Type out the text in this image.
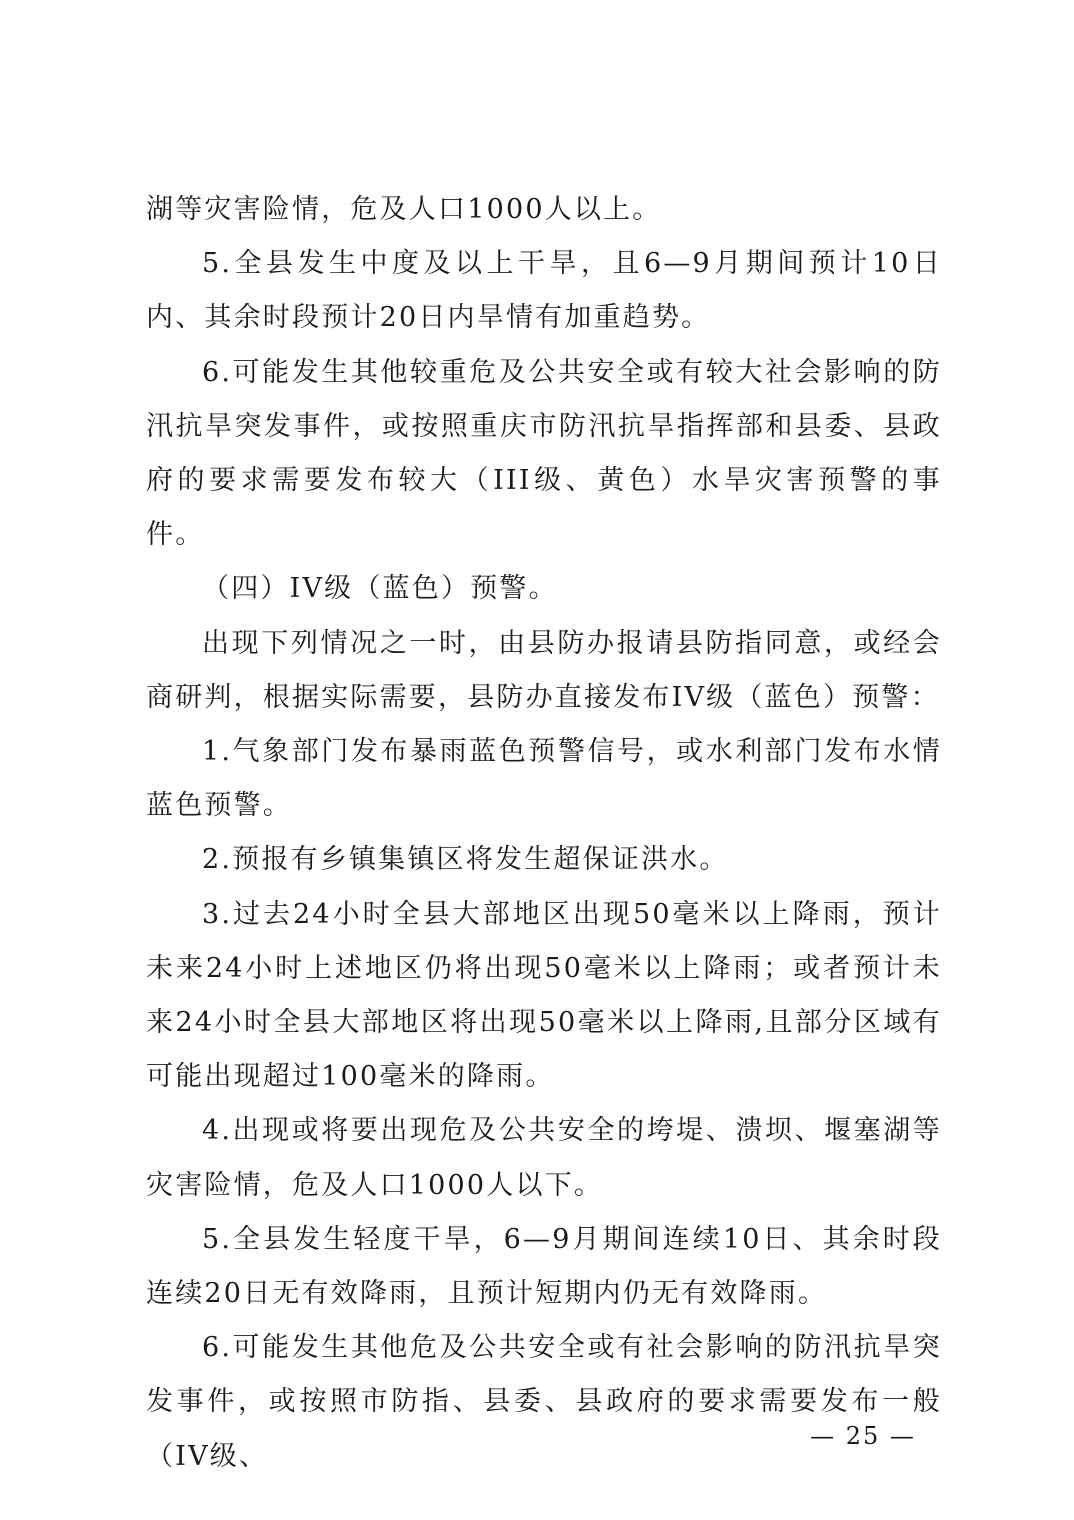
湖等灾害险情，危及人口1000人以上。

5.全县发生中度及以上干旱，且6—9月期间预计10日内、其余时段预计20日内旱情有加重趋势。

6.可能发生其他较重危及公共安全或有较大社会影响的防汛抗旱突发事件，或按照重庆市防汛抗旱指挥部和县委、县政府的要求需要发布较大（III级、黄色）水旱灾害预警的事件。

（四）IV级（蓝色）预警。

出现下列情况之一时，由县防办报请县防指同意，或经会商研判，根据实际需要，县防办直接发布IV级（蓝色）预警：

1.气象部门发布暴雨蓝色预警信号，或水利部门发布水情蓝色预警。

2.预报有乡镇集镇区将发生超保证洪水。

3.过去24小时全县大部地区出现50毫米以上降雨，预计未来24小时上述地区仍将出现50毫米以上降雨；或者预计未来24小时全县大部地区将出现50毫米以上降雨,且部分区域有可能出现超过100毫米的降雨。

4.出现或将要出现危及公共安全的垮堤、溃坝、堰塞湖等灾害险情，危及人口1000人以下。

5.全县发生轻度干旱，6—9月期间连续10日、其余时段连续20日无有效降雨，且预计短期内仍无有效降雨。

6.可能发生其他危及公共安全或有社会影响的防汛抗旱突发事件，或按照市防指、县委、县政府的要求需要发布一般（IV级、

— 25 —
